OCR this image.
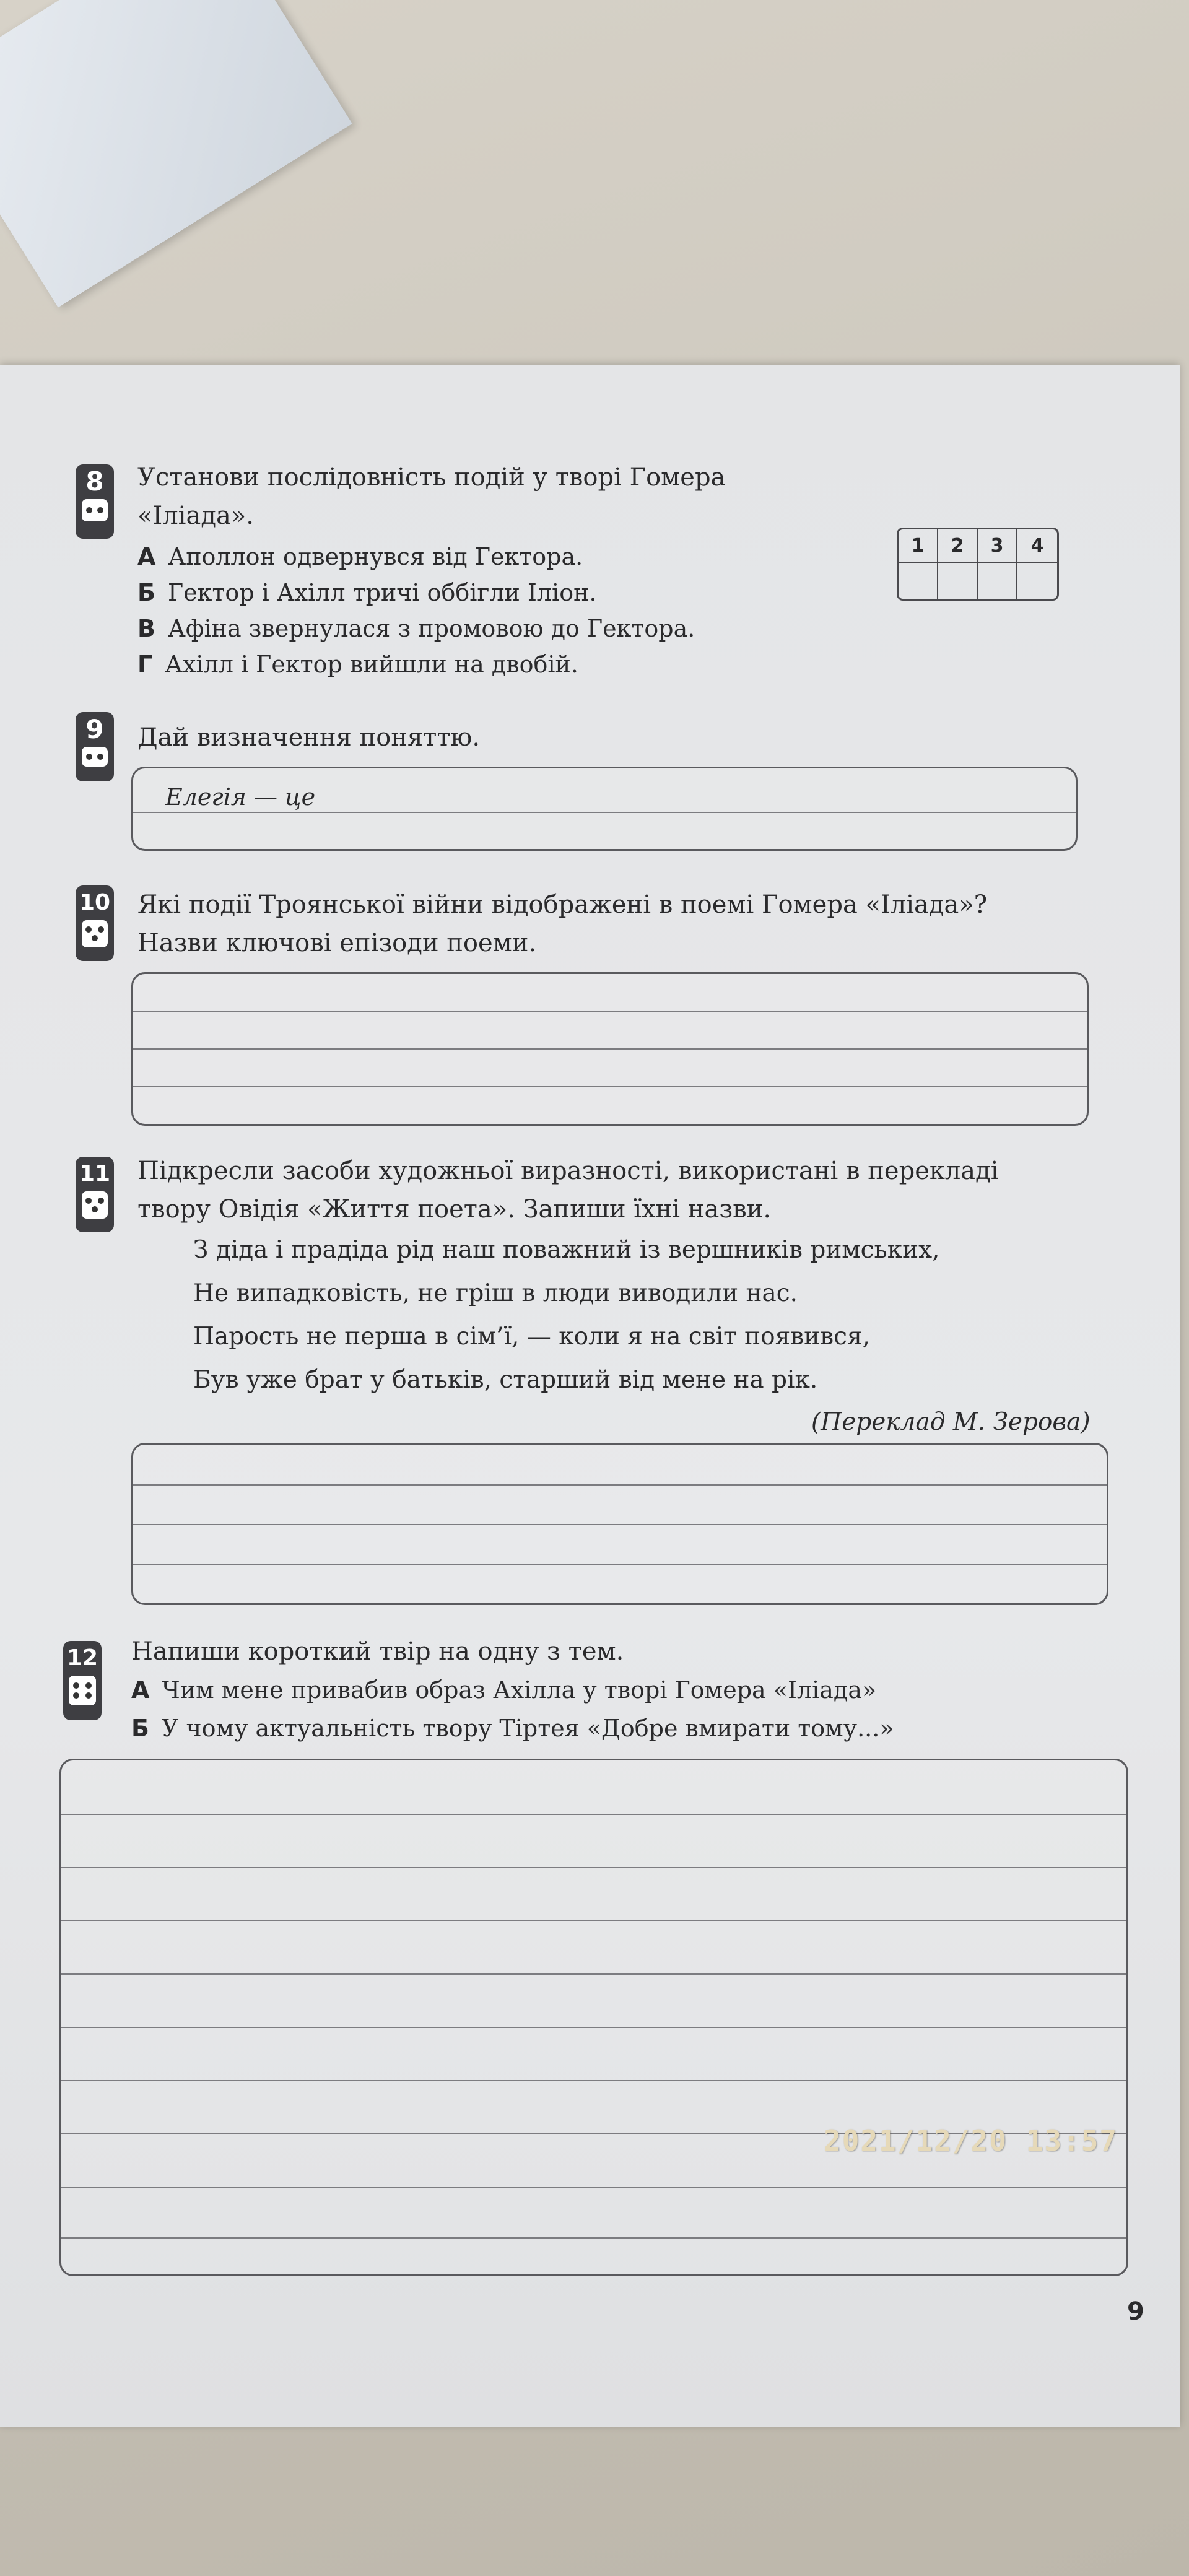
8 Установи послідовність подій у творі Гомера
«Іліада».
А Аполлон одвернувся від Гектора.
Б Гектор і Ахілл тричі оббігли Іліон.
В Афіна звернулася з промовою до Гектора.
Г Ахілл і Гектор вийшли на двобій.
1	2	3	4
9 Дай визначення поняттю.
Елегія — це
10 Які події Троянської війни відображені в поемі Гомера «Іліада»?
Назви ключові епізоди поеми.
11 Підкресли засоби художньої виразності, використані в перекладі
твору Овідія «Життя поета». Запиши їхні назви.
З діда і прадіда рід наш поважний із вершників римських,
Не випадковість, не гріш в люди виводили нас.
Парость не перша в сім’ї, — коли я на світ появився,
Був уже брат у батьків, старший від мене на рік.
(Переклад М. Зерова)
12 Напиши короткий твір на одну з тем.
А Чим мене привабив образ Ахілла у творі Гомера «Іліада»
Б У чому актуальність твору Тіртея «Добре вмирати тому...»
9
2021/12/20 13:57
